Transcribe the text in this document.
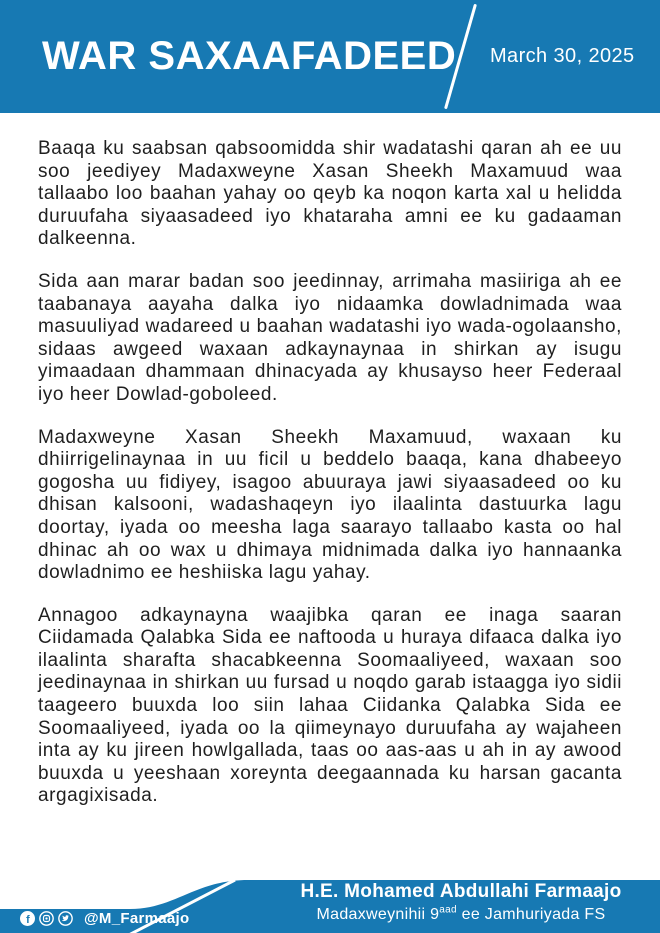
WAR SAXAAFADEED March 30, 2025

Baaqa ku saabsan qabsoomidda shir wadatashi qaran ah ee uu soo jeediyey Madaxweyne Xasan Sheekh Maxamuud waa tallaabo loo baahan yahay oo qeyb ka noqon karta xal u helidda duruufaha siyaasadeed iyo khataraha amni ee ku gadaaman dalkeenna.

Sida aan marar badan soo jeedinnay, arrimaha masiiriga ah ee taabanaya aayaha dalka iyo nidaamka dowladnimada waa masuuliyad wadareed u baahan wadatashi iyo wada-ogolaansho, sidaas awgeed waxaan adkaynaynaa in shirkan ay isugu yimaadaan dhammaan dhinacyada ay khusayso heer Federaal iyo heer Dowlad-goboleed.

Madaxweyne Xasan Sheekh Maxamuud, waxaan ku dhiirrigelinaynaa in uu ficil u beddelo baaqa, kana dhabeeyo gogosha uu fidiyey, isagoo abuuraya jawi siyaasadeed oo ku dhisan kalsooni, wadashaqeyn iyo ilaalinta dastuurka lagu doortay, iyada oo meesha laga saarayo tallaabo kasta oo hal dhinac ah oo wax u dhimaya midnimada dalka iyo hannaanka dowladnimo ee heshiiska lagu yahay.

Annagoo adkaynayna waajibka qaran ee inaga saaran Ciidamada Qalabka Sida ee naftooda u huraya difaaca dalka iyo ilaalinta sharafta shacabkeenna Soomaaliyeed, waxaan soo jeedinaynaa in shirkan uu fursad u noqdo garab istaagga iyo sidii taageero buuxda loo siin lahaa Ciidanka Qalabka Sida ee Soomaaliyeed, iyada oo la qiimeynayo duruufaha ay wajaheen inta ay ku jireen howlgallada, taas oo aas-aas u ah in ay awood buuxda u yeeshaan xoreynta deegaannada ku harsan gacanta argagixisada.

f	@M_Farmaajo
H.E. Mohamed Abdullahi Farmaajo
Madaxweynihii $9^{aad}$ ee Jamhuriyada FS
